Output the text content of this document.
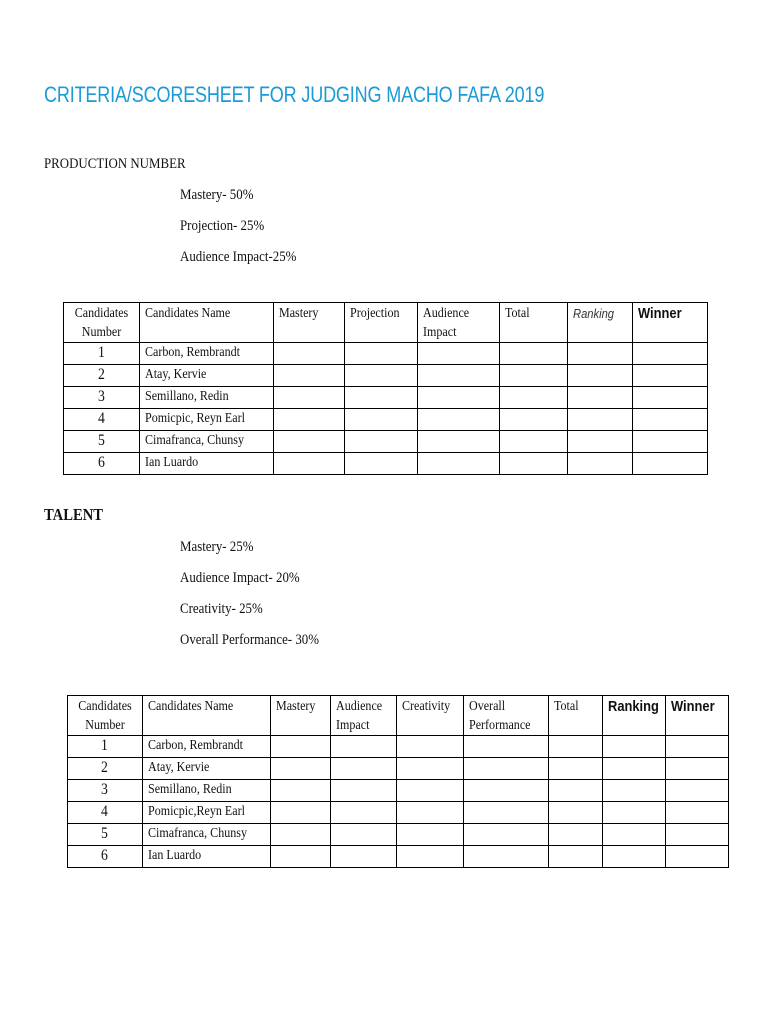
CRITERIA/SCORESHEET FOR JUDGING MACHO FAFA 2019
PRODUCTION NUMBER
Mastery- 50%
Projection- 25%
Audience Impact-25%
Candidates Number	Candidates Name	Mastery	Projection	Audience Impact	Total	Ranking	Winner
1	Carbon, Rembrandt						
2	Atay, Kervie						
3	Semillano, Redin						
4	Pomicpic, Reyn Earl						
5	Cimafranca, Chunsy						
6	Ian Luardo						
TALENT
Mastery- 25%
Audience Impact- 20%
Creativity- 25%
Overall Performance- 30%
Candidates Number	Candidates Name	Mastery	Audience Impact	Creativity	Overall Performance	Total	Ranking	Winner
1	Carbon, Rembrandt							
2	Atay, Kervie							
3	Semillano, Redin							
4	Pomicpic,Reyn Earl							
5	Cimafranca, Chunsy							
6	Ian Luardo							
